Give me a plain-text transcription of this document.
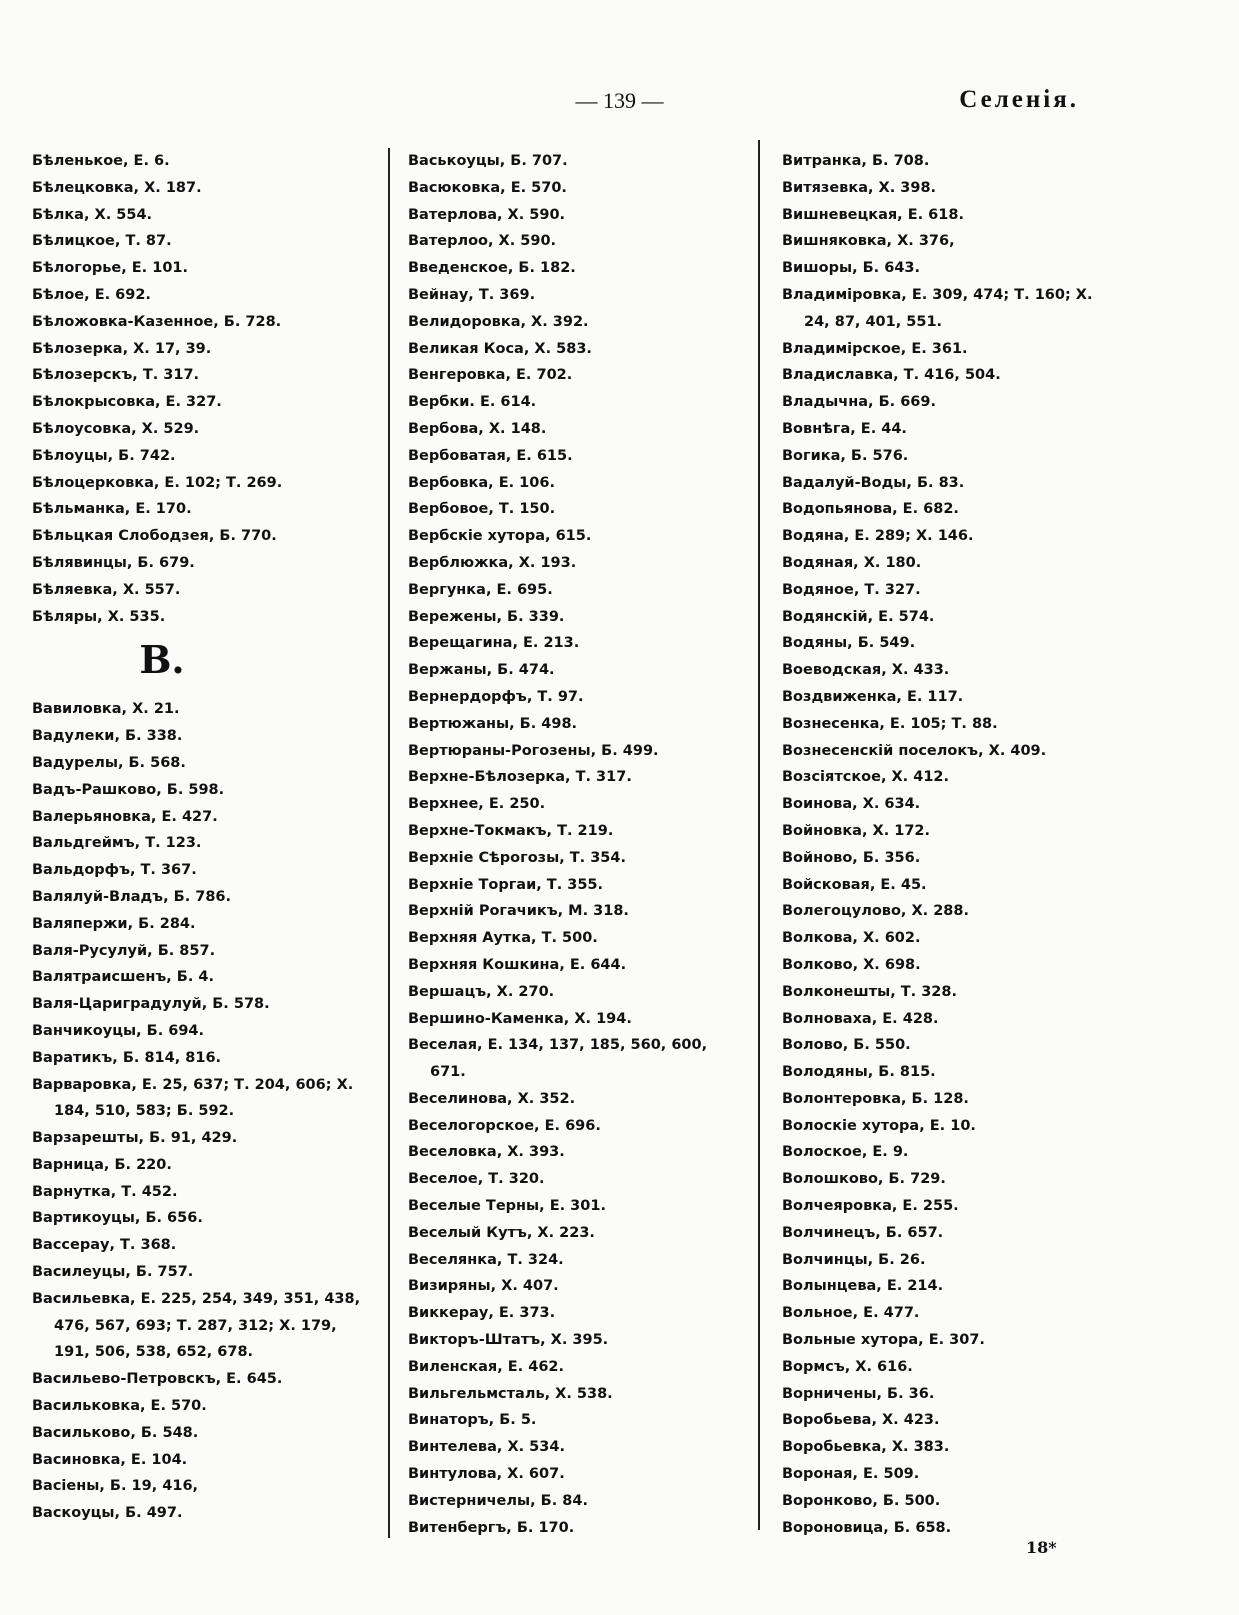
— 139 —	Селенія.
Бѣленькое, Е. 6.
Бѣлецковка, Х. 187.
Бѣлка, Х. 554.
Бѣлицкое, Т. 87.
Бѣлогорье, Е. 101.
Бѣлое, Е. 692.
Бѣложовка-Казенное, Б. 728.
Бѣлозерка, Х. 17, 39.
Бѣлозерскъ, Т. 317.
Бѣлокрысовка, Е. 327.
Бѣлоусовка, Х. 529.
Бѣлоуцы, Б. 742.
Бѣлоцерковка, Е. 102; Т. 269.
Бѣльманка, Е. 170.
Бѣльцкая Слободзея, Б. 770.
Бѣлявинцы, Б. 679.
Бѣляевка, Х. 557.
Бѣляры, Х. 535.
В.
Вавиловка, Х. 21.
Вадулеки, Б. 338.
Вадурелы, Б. 568.
Вадъ-Рашково, Б. 598.
Валерьяновка, Е. 427.
Вальдгеймъ, Т. 123.
Вальдорфъ, Т. 367.
Валялуй-Владъ, Б. 786.
Валяпержи, Б. 284.
Валя-Русулуй, Б. 857.
Валятраисшенъ, Б. 4.
Валя-Цариградулуй, Б. 578.
Ванчикоуцы, Б. 694.
Варатикъ, Б. 814, 816.
Варваровка, Е. 25, 637; Т. 204, 606; Х. 184, 510, 583; Б. 592.
Варзарешты, Б. 91, 429.
Варница, Б. 220.
Варнутка, Т. 452.
Вартикоуцы, Б. 656.
Вассерау, Т. 368.
Василеуцы, Б. 757.
Васильевка, Е. 225, 254, 349, 351, 438, 476, 567, 693; Т. 287, 312; Х. 179, 191, 506, 538, 652, 678.
Васильево-Петровскъ, Е. 645.
Васильковка, Е. 570.
Васильково, Б. 548.
Васиновка, Е. 104.
Васіены, Б. 19, 416,
Васкоуцы, Б. 497.
Васькоуцы, Б. 707.
Васюковка, Е. 570.
Ватерлова, Х. 590.
Ватерлоо, Х. 590.
Введенское, Б. 182.
Вейнау, Т. 369.
Велидоровка, Х. 392.
Великая Коса, Х. 583.
Венгеровка, Е. 702.
Вербки. Е. 614.
Вербова, Х. 148.
Вербоватая, Е. 615.
Вербовка, Е. 106.
Вербовое, Т. 150.
Вербскіе хутора, 615.
Верблюжка, Х. 193.
Вергунка, Е. 695.
Вережены, Б. 339.
Верещагина, Е. 213.
Вержаны, Б. 474.
Вернердорфъ, Т. 97.
Вертюжаны, Б. 498.
Вертюраны-Рогозены, Б. 499.
Верхне-Бѣлозерка, Т. 317.
Верхнее, Е. 250.
Верхне-Токмакъ, Т. 219.
Верхніе Сѣрогозы, Т. 354.
Верхніе Торгаи, Т. 355.
Верхній Рогачикъ, М. 318.
Верхняя Аутка, Т. 500.
Верхняя Кошкина, Е. 644.
Вершацъ, Х. 270.
Вершино-Каменка, Х. 194.
Веселая, Е. 134, 137, 185, 560, 600, 671.
Веселинова, Х. 352.
Веселогорское, Е. 696.
Веселовка, Х. 393.
Веселое, Т. 320.
Веселые Терны, Е. 301.
Веселый Кутъ, Х. 223.
Веселянка, Т. 324.
Визиряны, Х. 407.
Виккерау, Е. 373.
Викторъ-Штатъ, Х. 395.
Виленская, Е. 462.
Вильгельмсталь, Х. 538.
Винаторъ, Б. 5.
Винтелева, Х. 534.
Винтулова, Х. 607.
Вистерничелы, Б. 84.
Витенбергъ, Б. 170.
Витранка, Б. 708.
Витязевка, Х. 398.
Вишневецкая, Е. 618.
Вишняковка, Х. 376,
Вишоры, Б. 643.
Владиміровка, Е. 309, 474; Т. 160; Х. 24, 87, 401, 551.
Владимірское, Е. 361.
Владиславка, Т. 416, 504.
Владычна, Б. 669.
Вовнѣга, Е. 44.
Вогика, Б. 576.
Вадалуй-Воды, Б. 83.
Водопьянова, Е. 682.
Водяна, Е. 289; Х. 146.
Водяная, Х. 180.
Водяное, Т. 327.
Водянскій, Е. 574.
Водяны, Б. 549.
Воеводская, Х. 433.
Воздвиженка, Е. 117.
Вознесенка, Е. 105; Т. 88.
Вознесенскій поселокъ, Х. 409.
Возсіятское, Х. 412.
Воинова, Х. 634.
Войновка, Х. 172.
Войново, Б. 356.
Войсковая, Е. 45.
Волегоцулово, Х. 288.
Волкова, Х. 602.
Волково, Х. 698.
Волконешты, Т. 328.
Волноваха, Е. 428.
Волово, Б. 550.
Володяны, Б. 815.
Волонтеровка, Б. 128.
Волоскіе хутора, Е. 10.
Волоское, Е. 9.
Волошково, Б. 729.
Волчеяровка, Е. 255.
Волчинецъ, Б. 657.
Волчинцы, Б. 26.
Волынцева, Е. 214.
Вольное, Е. 477.
Вольные хутора, Е. 307.
Вормсъ, Х. 616.
Ворничены, Б. 36.
Воробьева, Х. 423.
Воробьевка, Х. 383.
Вороная, Е. 509.
Воронково, Б. 500.
Вороновица, Б. 658.
18*
